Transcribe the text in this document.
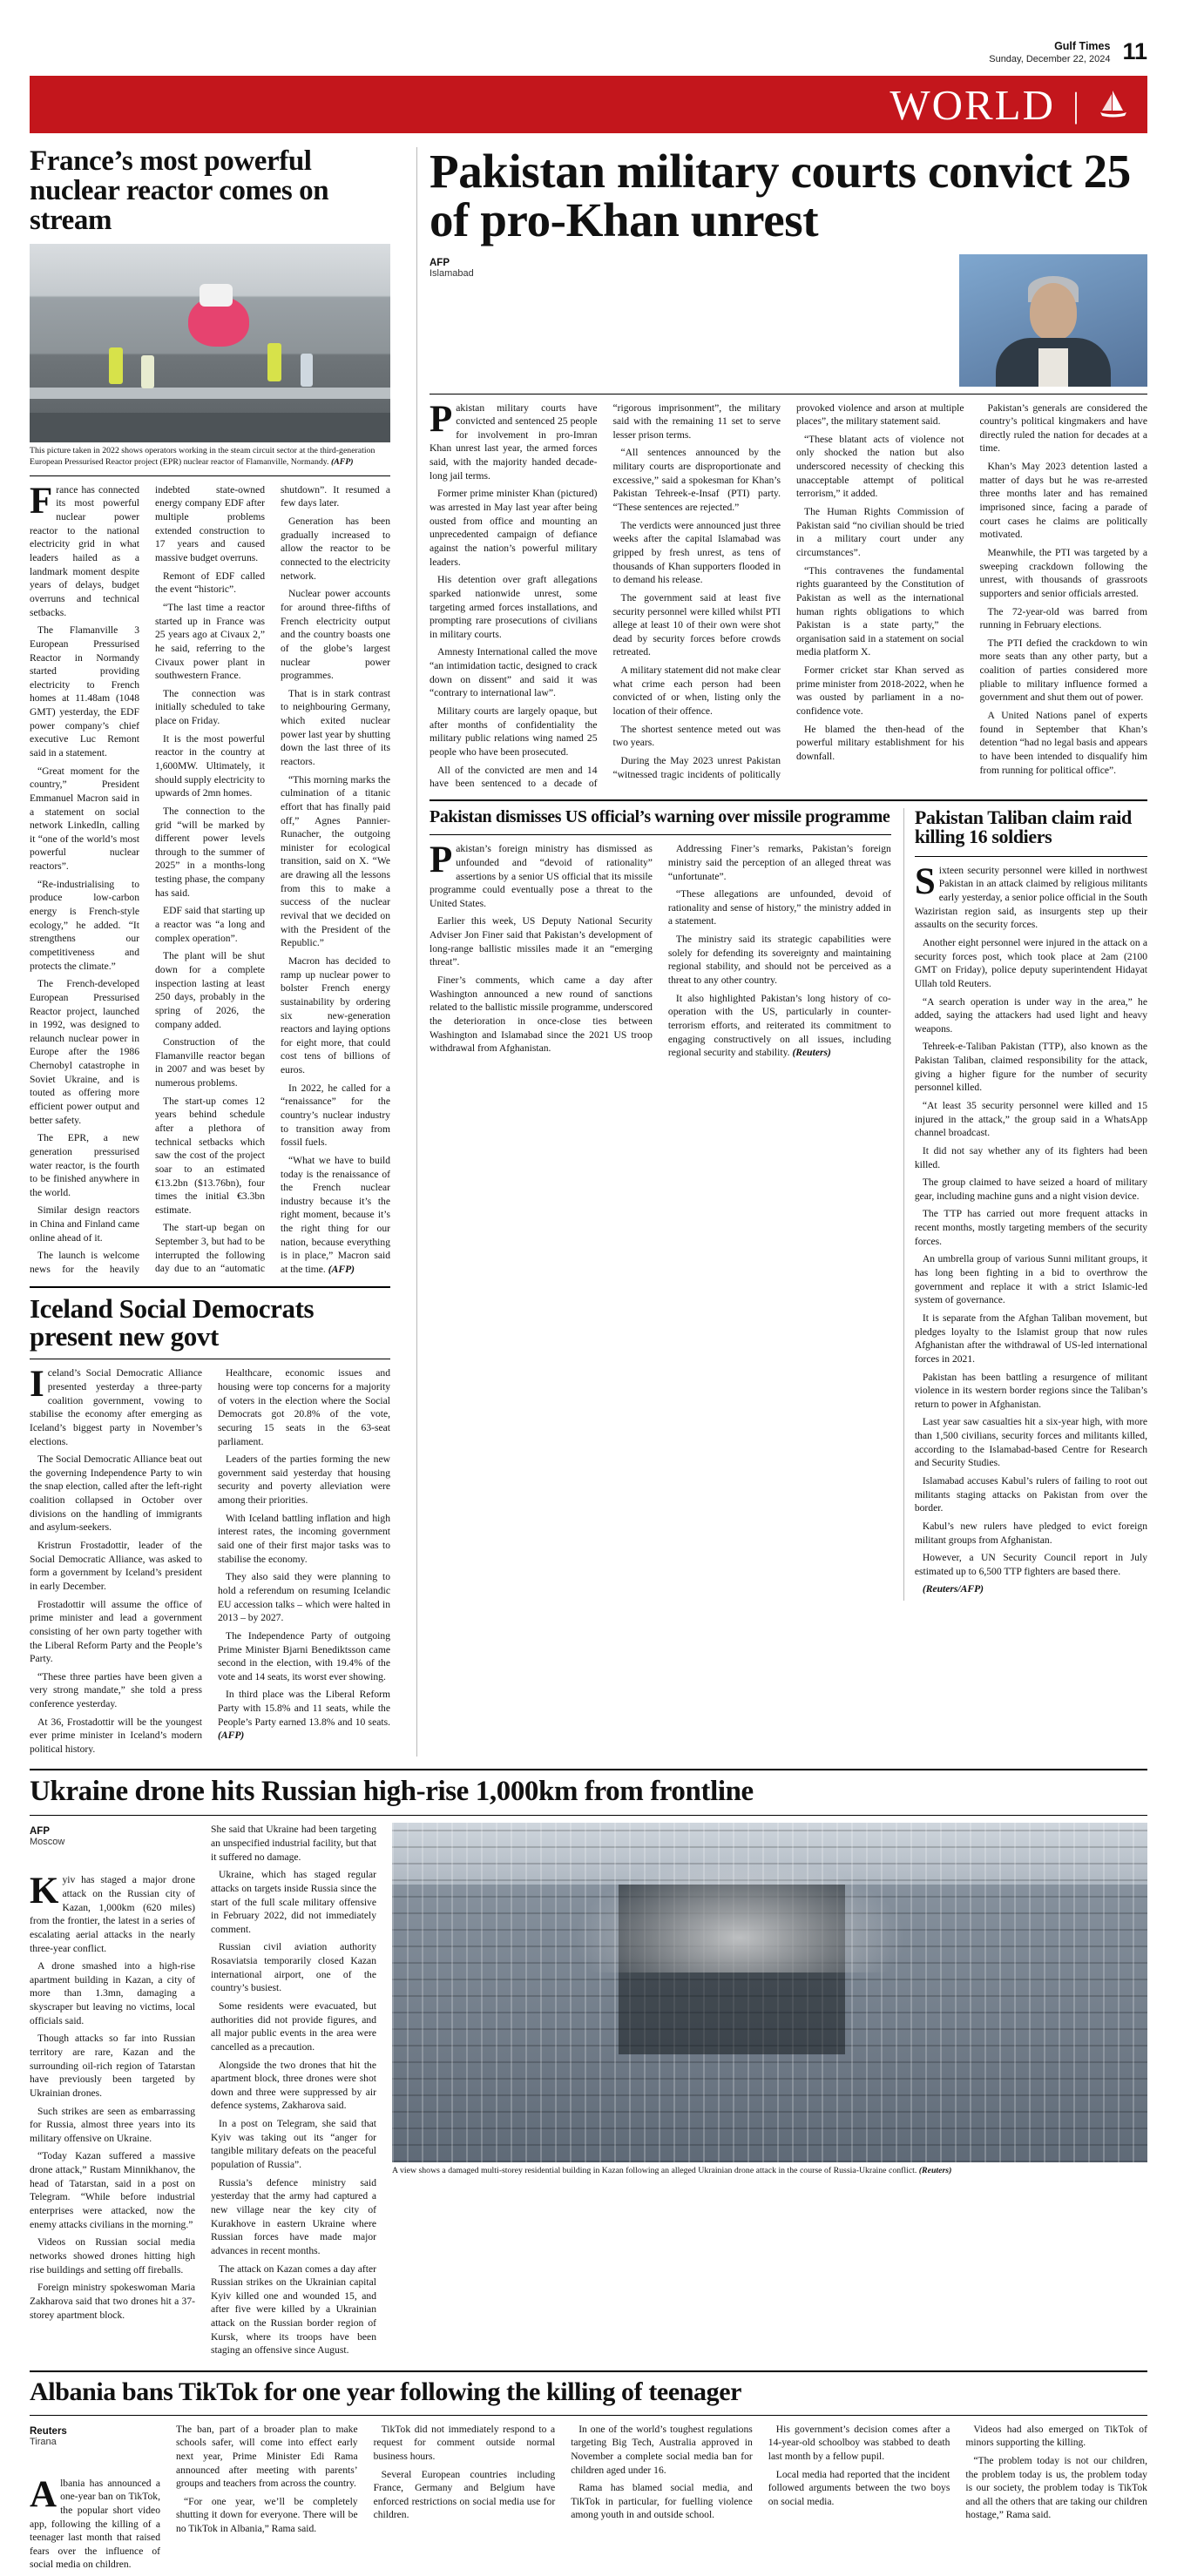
Gulf Times
Sunday, December 22, 2024 11
WORLD |
France’s most powerful nuclear reactor comes on stream
This picture taken in 2022 shows operators working in the steam circuit sector at the third-generation European Pressurised Reactor project (EPR) nuclear reactor of Flamanville, Normandy. (AFP)

France has connected its most powerful nuclear power reactor to the national electricity grid in what leaders hailed as a landmark moment despite years of delays, budget overruns and technical setbacks.

The Flamanville 3 European Pressurised Reactor in Normandy started providing electricity to French homes at 11.48am (1048 GMT) yesterday, the EDF power company’s chief executive Luc Remont said in a statement.

“Great moment for the country,” President Emmanuel Macron said in a statement on social network LinkedIn, calling it “one of the world’s most powerful nuclear reactors”.

“Re-industrialising to produce low-carbon energy is French-style ecology,” he added. “It strengthens our competitiveness and protects the climate.”

The French-developed European Pressurised Reactor project, launched in 1992, was designed to relaunch nuclear power in Europe after the 1986 Chernobyl catastrophe in Soviet Ukraine, and is touted as offering more efficient power output and better safety.

The EPR, a new generation pressurised water reactor, is the fourth to be finished anywhere in the world.

Similar design reactors in China and Finland came online ahead of it.

The launch is welcome news for the heavily indebted state-owned energy company EDF after multiple problems extended construction to 17 years and caused massive budget overruns.

Remont of EDF called the event “historic”.

“The last time a reactor started up in France was 25 years ago at Civaux 2,” he said, referring to the Civaux power plant in southwestern France.

The connection was initially scheduled to take place on Friday.

It is the most powerful reactor in the country at 1,600MW. Ultimately, it should supply electricity to upwards of 2mn homes.

The connection to the grid “will be marked by different power levels through to the summer of 2025” in a months-long testing phase, the company has said.

EDF said that starting up a reactor was “a long and complex operation”.

The plant will be shut down for a complete inspection lasting at least 250 days, probably in the spring of 2026, the company added.

Construction of the Flamanville reactor began in 2007 and was beset by numerous problems.

The start-up comes 12 years behind schedule after a plethora of technical setbacks which saw the cost of the project soar to an estimated €13.2bn ($13.76bn), four times the initial €3.3bn estimate.

The start-up began on September 3, but had to be interrupted the following day due to an “automatic shutdown”. It resumed a few days later.

Generation has been gradually increased to allow the reactor to be connected to the electricity network.

Nuclear power accounts for around three-fifths of French electricity output and the country boasts one of the globe’s largest nuclear power programmes.

That is in stark contrast to neighbouring Germany, which exited nuclear power last year by shutting down the last three of its reactors.

“This morning marks the culmination of a titanic effort that has finally paid off,” Agnes Pannier-Runacher, the outgoing minister for ecological transition, said on X. “We are drawing all the lessons from this to make a success of the nuclear revival that we decided on with the President of the Republic.”

Macron has decided to ramp up nuclear power to bolster French energy sustainability by ordering six new-generation reactors and laying options for eight more, that could cost tens of billions of euros.

In 2022, he called for a “renaissance” for the country’s nuclear industry to transition away from fossil fuels.

“What we have to build today is the renaissance of the French nuclear industry because it’s the right moment, because it’s the right thing for our nation, because everything is in place,” Macron said at the time. (AFP)

Iceland Social Democrats present new govt

Iceland’s Social Democratic Alliance presented yesterday a three-party coalition government, vowing to stabilise the economy after emerging as Iceland’s biggest party in November’s elections.

The Social Democratic Alliance beat out the governing Independence Party to win the snap election, called after the left-right coalition collapsed in October over divisions on the handling of immigrants and asylum-seekers.

Kristrun Frostadottir, leader of the Social Democratic Alliance, was asked to form a government by Iceland’s president in early December.

Frostadottir will assume the office of prime minister and lead a government consisting of her own party together with the Liberal Reform Party and the People’s Party.

“These three parties have been given a very strong mandate,” she told a press conference yesterday.

At 36, Frostadottir will be the youngest ever prime minister in Iceland’s modern political history.

Healthcare, economic issues and housing were top concerns for a majority of voters in the election where the Social Democrats got 20.8% of the vote, securing 15 seats in the 63-seat parliament.

Leaders of the parties forming the new government said yesterday that housing security and poverty alleviation were among their priorities.

With Iceland battling inflation and high interest rates, the incoming government said one of their first major tasks was to stabilise the economy.

They also said they were planning to hold a referendum on resuming Icelandic EU accession talks – which were halted in 2013 – by 2027.

The Independence Party of outgoing Prime Minister Bjarni Benediktsson came second in the election, with 19.4% of the vote and 14 seats, its worst ever showing.

In third place was the Liberal Reform Party with 15.8% and 11 seats, while the People’s Party earned 13.8% and 10 seats. (AFP)

Pakistan military courts convict 25 of pro-Khan unrest
AFP
Islamabad

Pakistan military courts have convicted and sentenced 25 people for involvement in pro-Imran Khan unrest last year, the armed forces said, with the majority handed decade-long jail terms.

Former prime minister Khan (pictured) was arrested in May last year after being ousted from office and mounting an unprecedented campaign of defiance against the nation’s powerful military leaders.

His detention over graft allegations sparked nationwide unrest, some targeting armed forces installations, and prompting rare prosecutions of civilians in military courts.

Amnesty International called the move “an intimidation tactic, designed to crack down on dissent” and said it was “contrary to international law”.

Military courts are largely opaque, but after months of confidentiality the military public relations wing named 25 people who have been prosecuted.

All of the convicted are men and 14 have been sentenced to a decade of “rigorous imprisonment”, the military said with the remaining 11 set to serve lesser prison terms.

“All sentences announced by the military courts are disproportionate and excessive,” said a spokesman for Khan’s Pakistan Tehreek-e-Insaf (PTI) party. “These sentences are rejected.”

The verdicts were announced just three weeks after the capital Islamabad was gripped by fresh unrest, as tens of thousands of Khan supporters flooded in to demand his release.

The government said at least five security personnel were killed whilst PTI allege at least 10 of their own were shot dead by security forces before crowds retreated.

A military statement did not make clear what crime each person had been convicted of or when, listing only the location of their offence.

The shortest sentence meted out was two years.

During the May 2023 unrest Pakistan “witnessed tragic incidents of politically provoked violence and arson at multiple places”, the military statement said.

“These blatant acts of violence not only shocked the nation but also underscored necessity of checking this unacceptable attempt of political terrorism,” it added.

The Human Rights Commission of Pakistan said “no civilian should be tried in a military court under any circumstances”.

“This contravenes the fundamental rights guaranteed by the Constitution of Pakistan as well as the international human rights obligations to which Pakistan is a state party,” the organisation said in a statement on social media platform X.

Former cricket star Khan served as prime minister from 2018-2022, when he was ousted by parliament in a no-confidence vote.

He blamed the then-head of the powerful military establishment for his downfall.

Pakistan’s generals are considered the country’s political kingmakers and have directly ruled the nation for decades at a time.

Khan’s May 2023 detention lasted a matter of days but he was re-arrested three months later and has remained imprisoned since, facing a parade of court cases he claims are politically motivated.

Meanwhile, the PTI was targeted by a sweeping crackdown following the unrest, with thousands of grassroots supporters and senior officials arrested.

The 72-year-old was barred from running in February elections.

The PTI defied the crackdown to win more seats than any other party, but a coalition of parties considered more pliable to military influence formed a government and shut them out of power.

A United Nations panel of experts found in September that Khan’s detention “had no legal basis and appears to have been intended to disqualify him from running for political office”.

Pakistan dismisses US official’s warning over missile programme

Pakistan’s foreign ministry has dismissed as unfounded and “devoid of rationality” assertions by a senior US official that its missile programme could eventually pose a threat to the United States.

Earlier this week, US Deputy National Security Adviser Jon Finer said that Pakistan’s development of long-range ballistic missiles made it an “emerging threat”.

Finer’s comments, which came a day after Washington announced a new round of sanctions related to the ballistic missile programme, underscored the deterioration in once-close ties between Washington and Islamabad since the 2021 US troop withdrawal from Afghanistan.

Addressing Finer’s remarks, Pakistan’s foreign ministry said the perception of an alleged threat was “unfortunate”.

“These allegations are unfounded, devoid of rationality and sense of history,” the ministry added in a statement.

The ministry said its strategic capabilities were solely for defending its sovereignty and maintaining regional stability, and should not be perceived as a threat to any other country.

It also highlighted Pakistan’s long history of co-operation with the US, particularly in counter-terrorism efforts, and reiterated its commitment to engaging constructively on all issues, including regional security and stability. (Reuters)

Pakistan Taliban claim raid killing 16 soldiers

Sixteen security personnel were killed in northwest Pakistan in an attack claimed by religious militants early yesterday, a senior police official in the South Waziristan region said, as insurgents step up their assaults on the security forces.

Another eight personnel were injured in the attack on a security forces post, which took place at 2am (2100 GMT on Friday), police deputy superintendent Hidayat Ullah told Reuters.

“A search operation is under way in the area,” he added, saying the attackers had used light and heavy weapons.

Tehreek-e-Taliban Pakistan (TTP), also known as the Pakistan Taliban, claimed responsibility for the attack, giving a higher figure for the number of security personnel killed.

“At least 35 security personnel were killed and 15 injured in the attack,” the group said in a WhatsApp channel broadcast.

It did not say whether any of its fighters had been killed.

The group claimed to have seized a hoard of military gear, including machine guns and a night vision device.

The TTP has carried out more frequent attacks in recent months, mostly targeting members of the security forces.

An umbrella group of various Sunni militant groups, it has long been fighting in a bid to overthrow the government and replace it with a strict Islamic-led system of governance.

It is separate from the Afghan Taliban movement, but pledges loyalty to the Islamist group that now rules Afghanistan after the withdrawal of US-led international forces in 2021.

Pakistan has been battling a resurgence of militant violence in its western border regions since the Taliban’s return to power in Afghanistan.

Last year saw casualties hit a six-year high, with more than 1,500 civilians, security forces and militants killed, according to the Islamabad-based Centre for Research and Security Studies.

Islamabad accuses Kabul’s rulers of failing to root out militants staging attacks on Pakistan from over the border.

Kabul’s new rulers have pledged to evict foreign militant groups from Afghanistan.

However, a UN Security Council report in July estimated up to 6,500 TTP fighters are based there.

(Reuters/AFP)

Ukraine drone hits Russian high-rise 1,000km from frontline
AFP
Moscow

Kyiv has staged a major drone attack on the Russian city of Kazan, 1,000km (620 miles) from the frontier, the latest in a series of escalating aerial attacks in the nearly three-year conflict.

A drone smashed into a high-rise apartment building in Kazan, a city of more than 1.3mn, damaging a skyscraper but leaving no victims, local officials said.

Though attacks so far into Russian territory are rare, Kazan and the surrounding oil-rich region of Tatarstan have previously been targeted by Ukrainian drones.

Such strikes are seen as embarrassing for Russia, almost three years into its military offensive on Ukraine.

“Today Kazan suffered a massive drone attack,” Rustam Minnikhanov, the head of Tatarstan, said in a post on Telegram. “While before industrial enterprises were attacked, now the enemy attacks civilians in the morning.”

Videos on Russian social media networks showed drones hitting high rise buildings and setting off fireballs.

Foreign ministry spokeswoman Maria Zakharova said that two drones hit a 37-storey apartment block.

She said that Ukraine had been targeting an unspecified industrial facility, but that it suffered no damage.

Ukraine, which has staged regular attacks on targets inside Russia since the start of the full scale military offensive in February 2022, did not immediately comment.

Russian civil aviation authority Rosaviatsia temporarily closed Kazan international airport, one of the country’s busiest.

Some residents were evacuated, but authorities did not provide figures, and all major public events in the area were cancelled as a precaution.

Alongside the two drones that hit the apartment block, three drones were shot down and three were suppressed by air defence systems, Zakharova said.

In a post on Telegram, she said that Kyiv was taking out its “anger for tangible military defeats on the peaceful population of Russia”.

Russia’s defence ministry said yesterday that the army had captured a new village near the key city of Kurakhove in eastern Ukraine where Russian forces have made major advances in recent months.

The attack on Kazan comes a day after Russian strikes on the Ukrainian capital Kyiv killed one and wounded 15, and after five were killed by a Ukrainian attack on the Russian border region of Kursk, where its troops have been staging an offensive since August.

A view shows a damaged multi-storey residential building in Kazan following an alleged Ukrainian drone attack in the course of Russia-Ukraine conflict. (Reuters)
Albania bans TikTok for one year following the killing of teenager
Reuters
Tirana

Albania has announced a one-year ban on TikTok, the popular short video app, following the killing of a teenager last month that raised fears over the influence of social media on children.

The ban, part of a broader plan to make schools safer, will come into effect early next year, Prime Minister Edi Rama announced after meeting with parents’ groups and teachers from across the country.

“For one year, we’ll be completely shutting it down for everyone. There will be no TikTok in Albania,” Rama said.

TikTok did not immediately respond to a request for comment outside normal business hours.

Several European countries including France, Germany and Belgium have enforced restrictions on social media use for children.

In one of the world’s toughest regulations targeting Big Tech, Australia approved in November a complete social media ban for children aged under 16.

Rama has blamed social media, and TikTok in particular, for fuelling violence among youth in and outside school.

His government’s decision comes after a 14-year-old schoolboy was stabbed to death last month by a fellow pupil.

Local media had reported that the incident followed arguments between the two boys on social media.

Videos had also emerged on TikTok of minors supporting the killing.

“The problem today is not our children, the problem today is us, the problem today is our society, the problem today is TikTok and all the others that are taking our children hostage,” Rama said.
